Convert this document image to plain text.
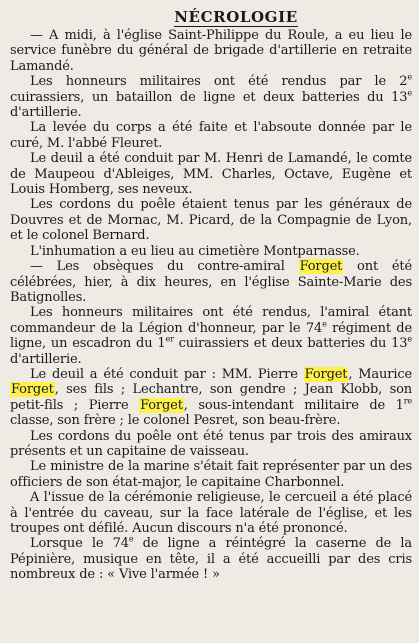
NÉCROLOGIE

— A midi, à l'église Saint-Philippe du Roule, a eu lieu le service funèbre du général de brigade d'artillerie en retraite Lamandé.

Les honneurs militaires ont été rendus par le 2e cuirassiers, un bataillon de ligne et deux batteries du 13e d'artillerie.

La levée du corps a été faite et l'absoute donnée par le curé, M. l'abbé Fleuret.

Le deuil a été conduit par M. Henri de Lamandé, le comte de Maupeou d'Ableiges, MM. Charles, Octave, Eugène et Louis Homberg, ses neveux.

Les cordons du poêle étaient tenus par les généraux de Douvres et de Mornac, M. Picard, de la Compagnie de Lyon, et le colonel Bernard.

L'inhumation a eu lieu au cimetière Montparnasse.

— Les obsèques du contre-amiral Forget ont été célébrées, hier, à dix heures, en l'église Sainte-Marie des Batignolles.

Les honneurs militaires ont été rendus, l'amiral étant commandeur de la Légion d'honneur, par le 74e régiment de ligne, un escadron du 1er cuirassiers et deux batteries du 13e d'artillerie.

Le deuil a été conduit par : MM. Pierre Forget, Maurice Forget, ses fils ; Lechantre, son gendre ; Jean Klobb, son petit-fils ; Pierre Forget, sous-intendant militaire de 1re classe, son frère ; le colonel Pesret, son beau-frère.

Les cordons du poêle ont été tenus par trois des amiraux présents et un capitaine de vaisseau.

Le ministre de la marine s'était fait représenter par un des officiers de son état-major, le capitaine Charbonnel.

A l'issue de la cérémonie religieuse, le cercueil a été placé à l'entrée du caveau, sur la face latérale de l'église, et les troupes ont défilé. Aucun discours n'a été prononcé.

Lorsque le 74e de ligne a réintégré la caserne de la Pépinière, musique en tête, il a été accueilli par des cris nombreux de : « Vive l'armée ! »
